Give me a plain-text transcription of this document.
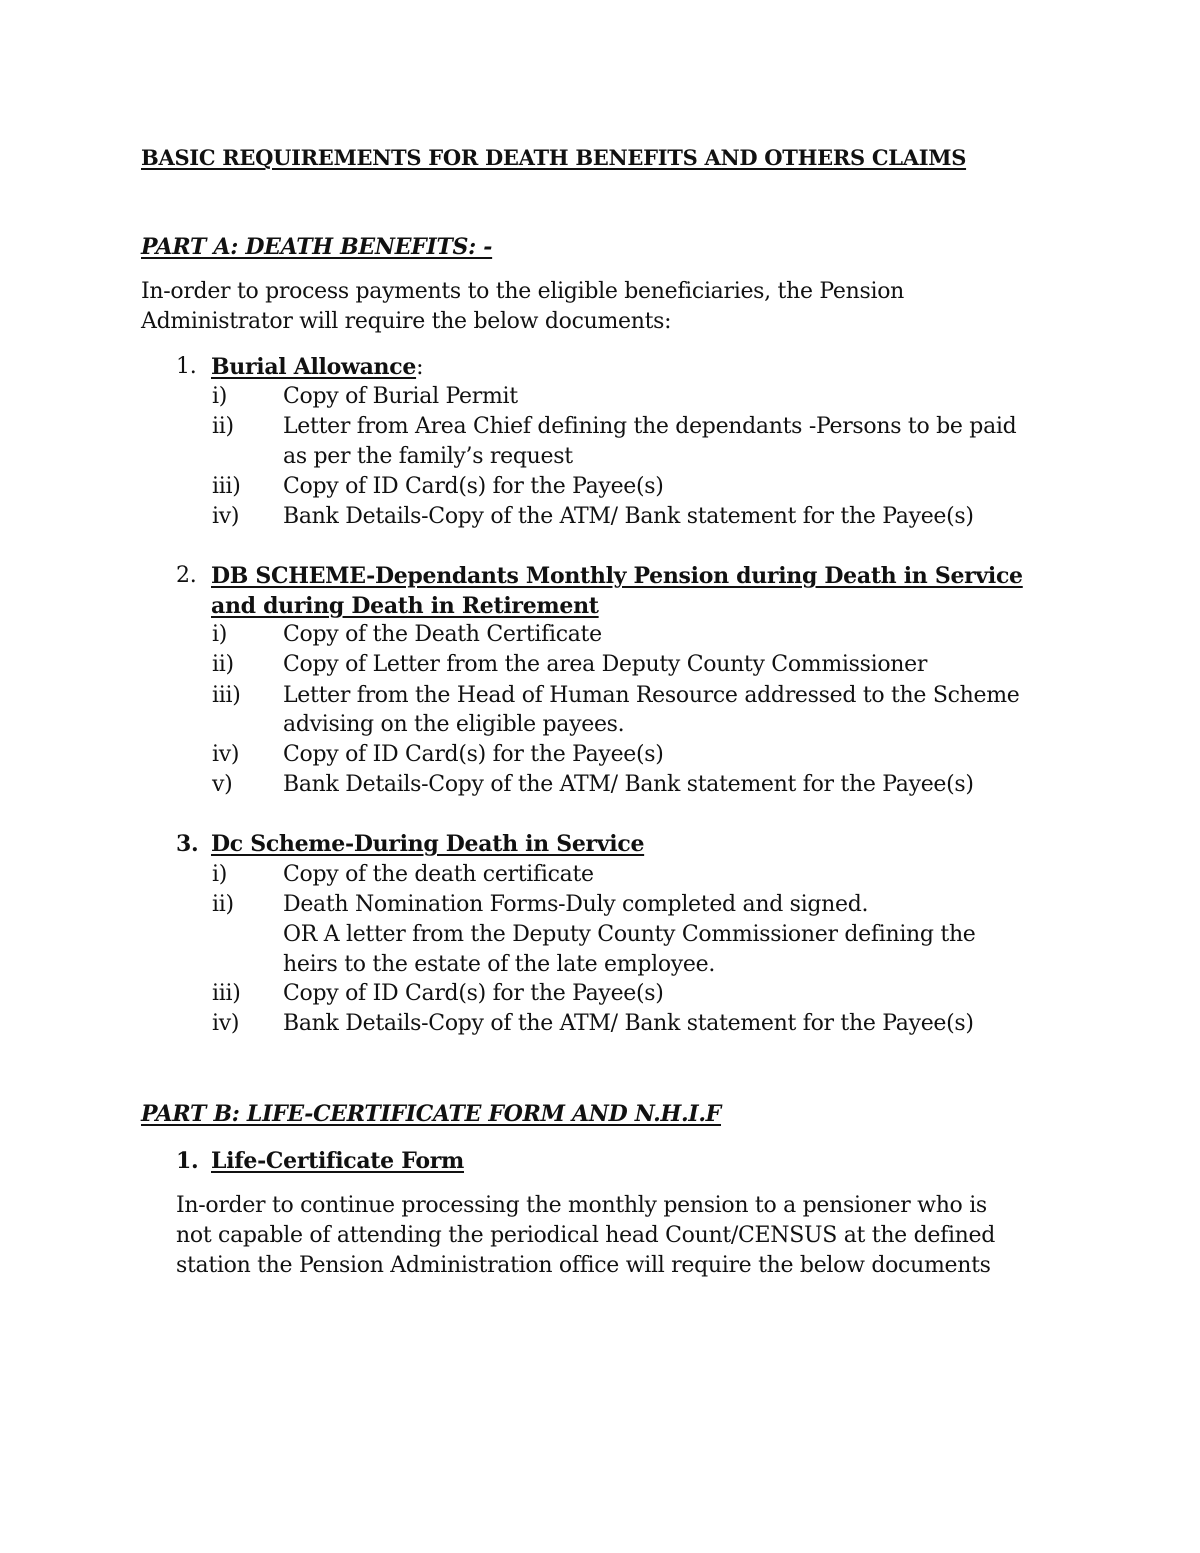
BASIC REQUIREMENTS FOR DEATH BENEFITS AND OTHERS CLAIMS
PART A: DEATH BENEFITS: -
In-order to process payments to the eligible beneficiaries, the Pension
Administrator will require the below documents:
1. Burial Allowance:
i)	Copy of Burial Permit
ii) Letter from Area Chief defining the dependants -Persons to be paid
as per the family’s request
iii) Copy of ID Card(s) for the Payee(s)
iv) Bank Details-Copy of the ATM/ Bank statement for the Payee(s)
2. DB SCHEME-Dependants Monthly Pension during Death in Service
and during Death in Retirement
i)	Copy of the Death Certificate
ii) Copy of Letter from the area Deputy County Commissioner
iii) Letter from the Head of Human Resource addressed to the Scheme
advising on the eligible payees.
iv) Copy of ID Card(s) for the Payee(s)
v) Bank Details-Copy of the ATM/ Bank statement for the Payee(s)
3. Dc Scheme-During Death in Service
i)	Copy of the death certificate
ii) Death Nomination Forms-Duly completed and signed.
OR A letter from the Deputy County Commissioner defining the
heirs to the estate of the late employee.
iii) Copy of ID Card(s) for the Payee(s)
iv) Bank Details-Copy of the ATM/ Bank statement for the Payee(s)
PART B: LIFE-CERTIFICATE FORM AND N.H.I.F
1. Life-Certificate Form
In-order to continue processing the monthly pension to a pensioner who is
not capable of attending the periodical head Count/CENSUS at the defined
station the Pension Administration office will require the below documents
